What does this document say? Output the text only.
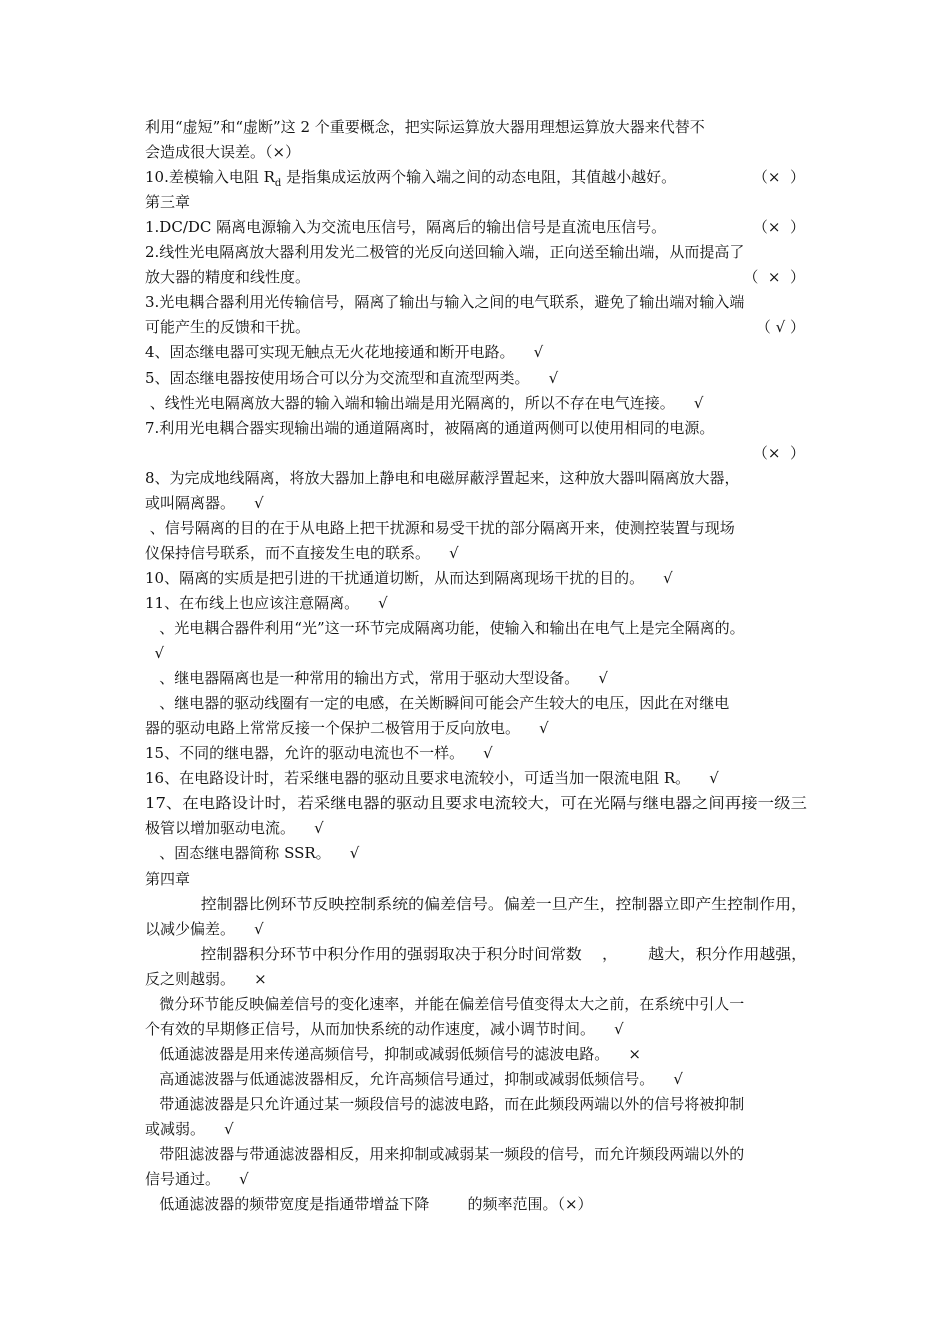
利用“虚短”和“虚断”这 2 个重要概念，把实际运算放大器用理想运算放大器来代替不
会造成很大误差。（×）
10.差模输入电阻 $R_d$ 是指集成运放两个输入端之间的动态电阻，其值越小越好。
第三章
1.DC/DC 隔离电源输入为交流电压信号，隔离后的输出信号是直流电压信号。
2.线性光电隔离放大器利用发光二极管的光反向送回输入端，正向送至输出端，从而提高了
放大器的精度和线性度。
3.光电耦合器利用光传输信号，隔离了输出与输入之间的电气联系，避免了输出端对输入端
可能产生的反馈和干扰。
4、固态继电器可实现无触点无火花地接通和断开电路。    √
5、固态继电器按使用场合可以分为交流型和直流型两类。    √
、线性光电隔离放大器的输入端和输出端是用光隔离的，所以不存在电气连接。    √
7.利用光电耦合器实现输出端的通道隔离时，被隔离的通道两侧可以使用相同的电源。
8、为完成地线隔离，将放大器加上静电和电磁屏蔽浮置起来，这种放大器叫隔离放大器，
或叫隔离器。    √
、信号隔离的目的在于从电路上把干扰源和易受干扰的部分隔离开来，使测控装置与现场
仪保持信号联系，而不直接发生电的联系。    √
10、隔离的实质是把引进的干扰通道切断，从而达到隔离现场干扰的目的。    √
11、在布线上也应该注意隔离。    √
、光电耦合器件利用“光”这一环节完成隔离功能，使输入和输出在电气上是完全隔离的。
√
、继电器隔离也是一种常用的输出方式，常用于驱动大型设备。    √
、继电器的驱动线圈有一定的电感，在关断瞬间可能会产生较大的电压，因此在对继电
器的驱动电路上常常反接一个保护二极管用于反向放电。    √
15、不同的继电器，允许的驱动电流也不一样。    √
16、在电路设计时，若采继电器的驱动且要求电流较小，可适当加一限流电阻 R。    √
17、在电路设计时，若采继电器的驱动且要求电流较大，可在光隔与继电器之间再接一级三
极管以增加驱动电流。    √
、固态继电器简称 SSR。    √
第四章
控制器比例环节反映控制系统的偏差信号。偏差一旦产生，控制器立即产生控制作用，
以减少偏差。    √
控制器积分环节中积分作用的强弱取决于积分时间常数    ，      越大，积分作用越强，
反之则越弱。    ×
微分环节能反映偏差信号的变化速率，并能在偏差信号值变得太大之前，在系统中引人一
个有效的早期修正信号，从而加快系统的动作速度，减小调节时间。    √
低通滤波器是用来传递高频信号，抑制或减弱低频信号的滤波电路。    ×
高通滤波器与低通滤波器相反，允许高频信号通过，抑制或减弱低频信号。    √
带通滤波器是只允许通过某一频段信号的滤波电路，而在此频段两端以外的信号将被抑制
或减弱。    √
带阻滤波器与带通滤波器相反，用来抑制或减弱某一频段的信号，而允许频段两端以外的
信号通过。    √
低通滤波器的频带宽度是指通带增益下降        的频率范围。（×）
（×  ）
（×  ）
（  ×  ）
（ √ ）
（×  ）
